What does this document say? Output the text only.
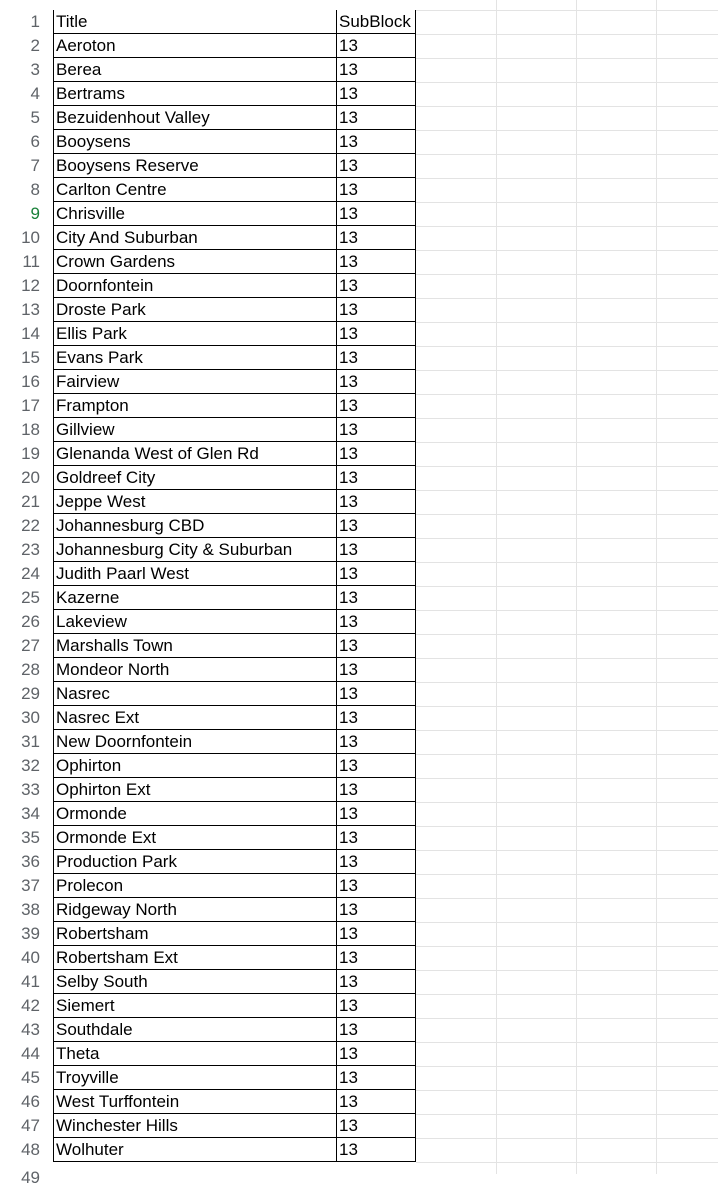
1 Title	SubBlock
2 Aeroton	13
3 Berea	13
4 Bertrams	13
5 Bezuidenhout Valley	13
6 Booysens	13
7 Booysens Reserve	13
8 Carlton Centre	13
9 Chrisville	13
10 City And Suburban	13
11 Crown Gardens	13
12 Doornfontein	13
13 Droste Park	13
14 Ellis Park	13
15 Evans Park	13
16 Fairview	13
17 Frampton	13
18 Gillview	13
19 Glenanda West of Glen Rd	13
20 Goldreef City	13
21 Jeppe West	13
22 Johannesburg CBD	13
23 Johannesburg City & Suburban	13
24 Judith Paarl West	13
25 Kazerne	13
26 Lakeview	13
27 Marshalls Town	13
28 Mondeor North	13
29 Nasrec	13
30 Nasrec Ext	13
31 New Doornfontein	13
32 Ophirton	13
33 Ophirton Ext	13
34 Ormonde	13
35 Ormonde Ext	13
36 Production Park	13
37 Prolecon	13
38 Ridgeway North	13
39 Robertsham	13
40 Robertsham Ext	13
41 Selby South	13
42 Siemert	13
43 Southdale	13
44 Theta	13
45 Troyville	13
46 West Turffontein	13
47 Winchester Hills	13
48 Wolhuter	13
49
